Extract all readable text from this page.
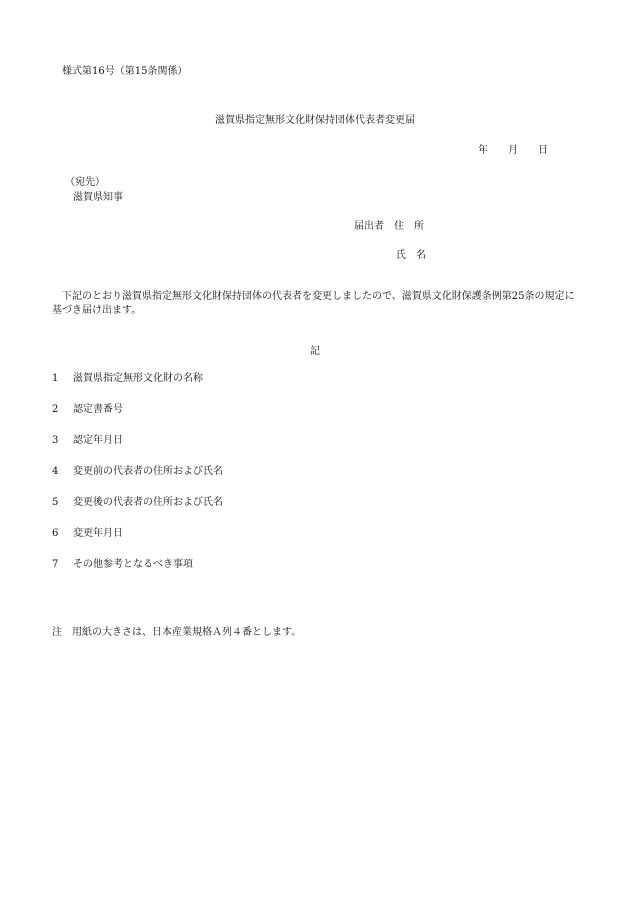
様式第16号（第15条関係）
滋賀県指定無形文化財保持団体代表者変更届
年 月 日
（宛先）
滋賀県知事
届出者　住　所
氏　名
下記のとおり滋賀県指定無形文化財保持団体の代表者を変更しましたので、滋賀県文化財保護条例第25条の規定に
基づき届け出ます。
記
1 滋賀県指定無形文化財の名称
2 認定書番号
3 認定年月日
4 変更前の代表者の住所および氏名
5 変更後の代表者の住所および氏名
6 変更年月日
7 その他参考となるべき事項
注　用紙の大きさは、日本産業規格Ａ列４番とします。
